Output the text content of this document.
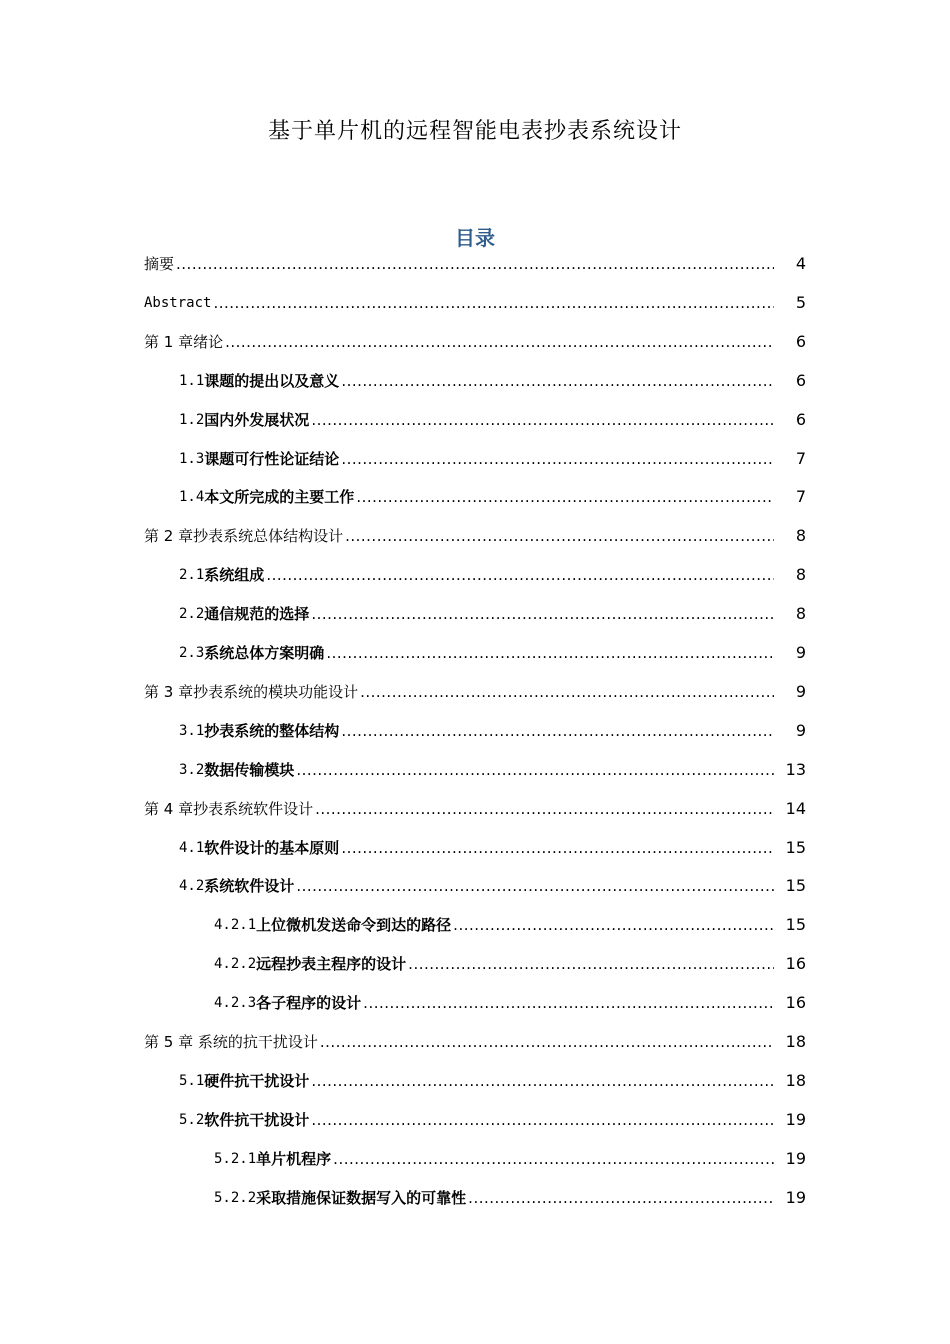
基于单片机的远程智能电表抄表系统设计
目录
摘要 .....	4
Abstract .....	5
第 1 章绪论 .....	6
1.1 课题的提出以及意义 .....	6
1.2 国内外发展状况 .....	6
1.3 课题可行性论证结论 .....	7
1.4 本文所完成的主要工作 .....	7
第 2 章抄表系统总体结构设计 .....	8
2.1 系统组成 .....	8
2.2 通信规范的选择 .....	8
2.3 系统总体方案明确 .....	9
第 3 章抄表系统的模块功能设计 .....	9
3.1 抄表系统的整体结构 .....	9
3.2 数据传输模块 .....	13
第 4 章抄表系统软件设计 .....	14
4.1 软件设计的基本原则 .....	15
4.2 系统软件设计 .....	15
4.2.1 上位微机发送命令到达的路径 .....	15
4.2.2 远程抄表主程序的设计 .....	16
4.2.3 各子程序的设计 .....	16
第 5 章 系统的抗干扰设计 .....	18
5.1 硬件抗干扰设计 .....	18
5.2 软件抗干扰设计 .....	19
5.2.1 单片机程序 .....	19
5.2.2 采取措施保证数据写入的可靠性 .....	19
